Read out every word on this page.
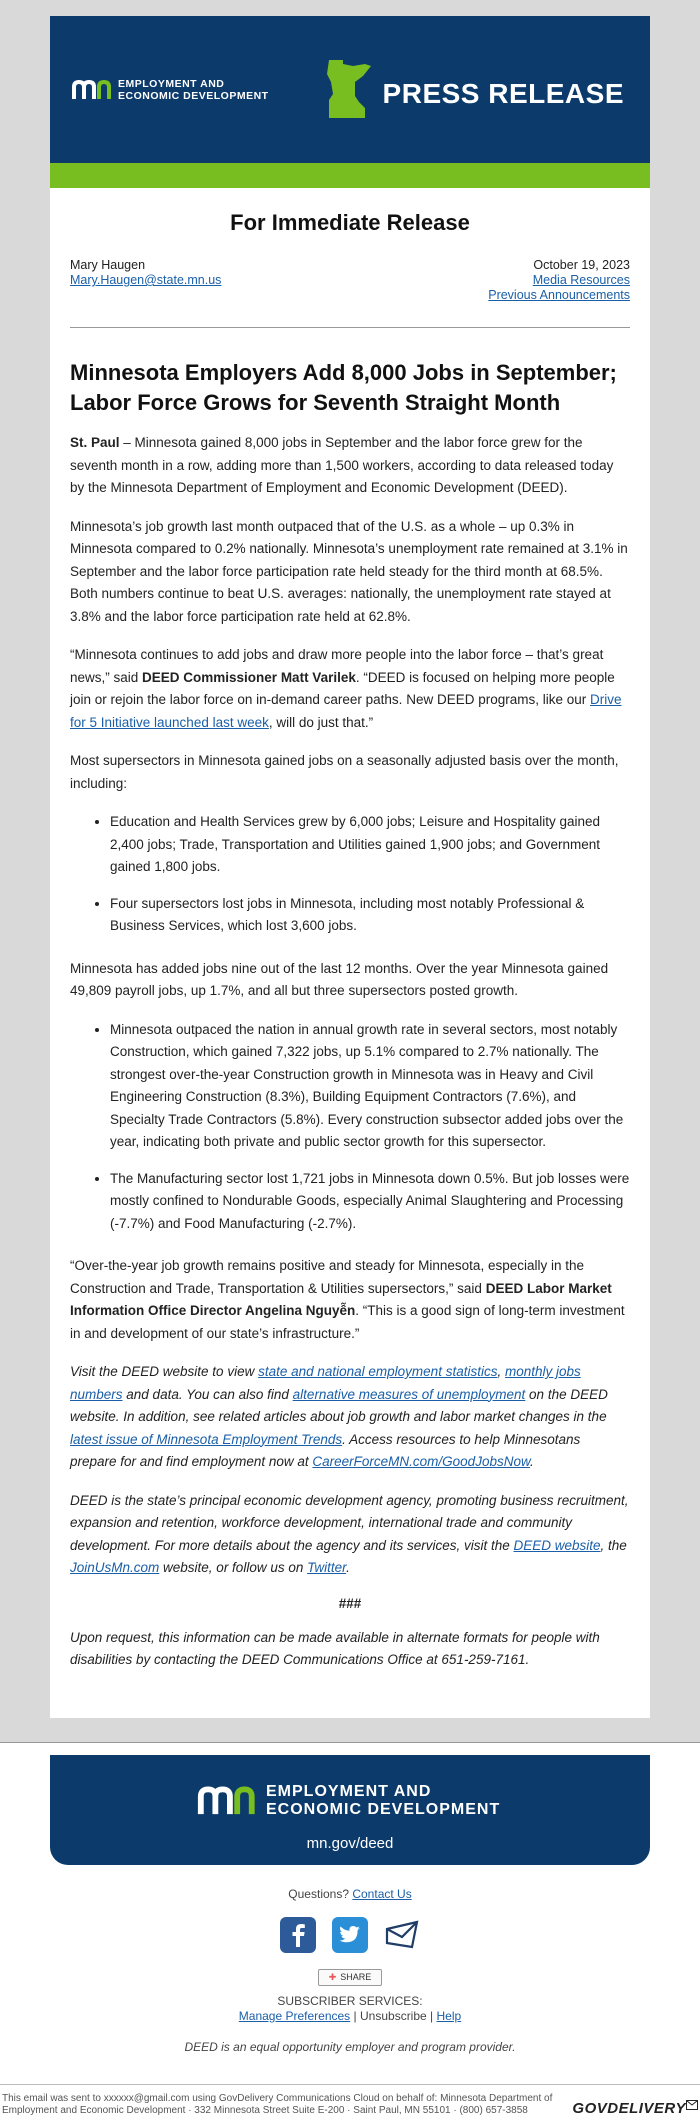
EMPLOYMENT AND
ECONOMIC DEVELOPMENT	PRESS RELEASE
For Immediate Release
Mary Haugen
Mary.Haugen@state.mn.us
October 19, 2023
Media Resources
Previous Announcements
Minnesota Employers Add 8,000 Jobs in September; Labor Force Grows for Seventh Straight Month

St. Paul – Minnesota gained 8,000 jobs in September and the labor force grew for the seventh month in a row, adding more than 1,500 workers, according to data released today by the Minnesota Department of Employment and Economic Development (DEED).

Minnesota’s job growth last month outpaced that of the U.S. as a whole – up 0.3% in Minnesota compared to 0.2% nationally. Minnesota’s unemployment rate remained at 3.1% in September and the labor force participation rate held steady for the third month at 68.5%. Both numbers continue to beat U.S. averages: nationally, the unemployment rate stayed at 3.8% and the labor force participation rate held at 62.8%.

“Minnesota continues to add jobs and draw more people into the labor force – that’s great news,” said DEED Commissioner Matt Varilek. “DEED is focused on helping more people join or rejoin the labor force on in-demand career paths. New DEED programs, like our Drive for 5 Initiative launched last week, will do just that.”

Most supersectors in Minnesota gained jobs on a seasonally adjusted basis over the month, including:

• Education and Health Services grew by 6,000 jobs; Leisure and Hospitality gained 2,400 jobs; Trade, Transportation and Utilities gained 1,900 jobs; and Government gained 1,800 jobs.
• Four supersectors lost jobs in Minnesota, including most notably Professional & Business Services, which lost 3,600 jobs.

Minnesota has added jobs nine out of the last 12 months. Over the year Minnesota gained 49,809 payroll jobs, up 1.7%, and all but three supersectors posted growth.

• Minnesota outpaced the nation in annual growth rate in several sectors, most notably Construction, which gained 7,322 jobs, up 5.1% compared to 2.7% nationally. The strongest over-the-year Construction growth in Minnesota was in Heavy and Civil Engineering Construction (8.3%), Building Equipment Contractors (7.6%), and Specialty Trade Contractors (5.8%). Every construction subsector added jobs over the year, indicating both private and public sector growth for this supersector.
• The Manufacturing sector lost 1,721 jobs in Minnesota down 0.5%. But job losses were mostly confined to Nondurable Goods, especially Animal Slaughtering and Processing (-7.7%) and Food Manufacturing (-2.7%).

“Over-the-year job growth remains positive and steady for Minnesota, especially in the Construction and Trade, Transportation & Utilities supersectors,” said DEED Labor Market Information Office Director Angelina Nguyễn. “This is a good sign of long-term investment in and development of our state’s infrastructure.”

Visit the DEED website to view state and national employment statistics, monthly jobs numbers and data. You can also find alternative measures of unemployment on the DEED website. In addition, see related articles about job growth and labor market changes in the latest issue of Minnesota Employment Trends. Access resources to help Minnesotans prepare for and find employment now at CareerForceMN.com/GoodJobsNow.

DEED is the state’s principal economic development agency, promoting business recruitment, expansion and retention, workforce development, international trade and community development. For more details about the agency and its services, visit the DEED website, the JoinUsMn.com website, or follow us on Twitter.

###

Upon request, this information can be made available in alternate formats for people with disabilities by contacting the DEED Communications Office at 651-259-7161.

EMPLOYMENT AND
ECONOMIC DEVELOPMENT
mn.gov/deed
Questions? Contact Us
✚ SHARE
SUBSCRIBER SERVICES:
Manage Preferences | Unsubscribe | Help
DEED is an equal opportunity employer and program provider.
This email was sent to xxxxxx@gmail.com using GovDelivery Communications Cloud on behalf of: Minnesota Department of Employment and Economic Development · 332 Minnesota Street Suite E-200 · Saint Paul, MN 55101 · (800) 657-3858	GOVDELIVERY
